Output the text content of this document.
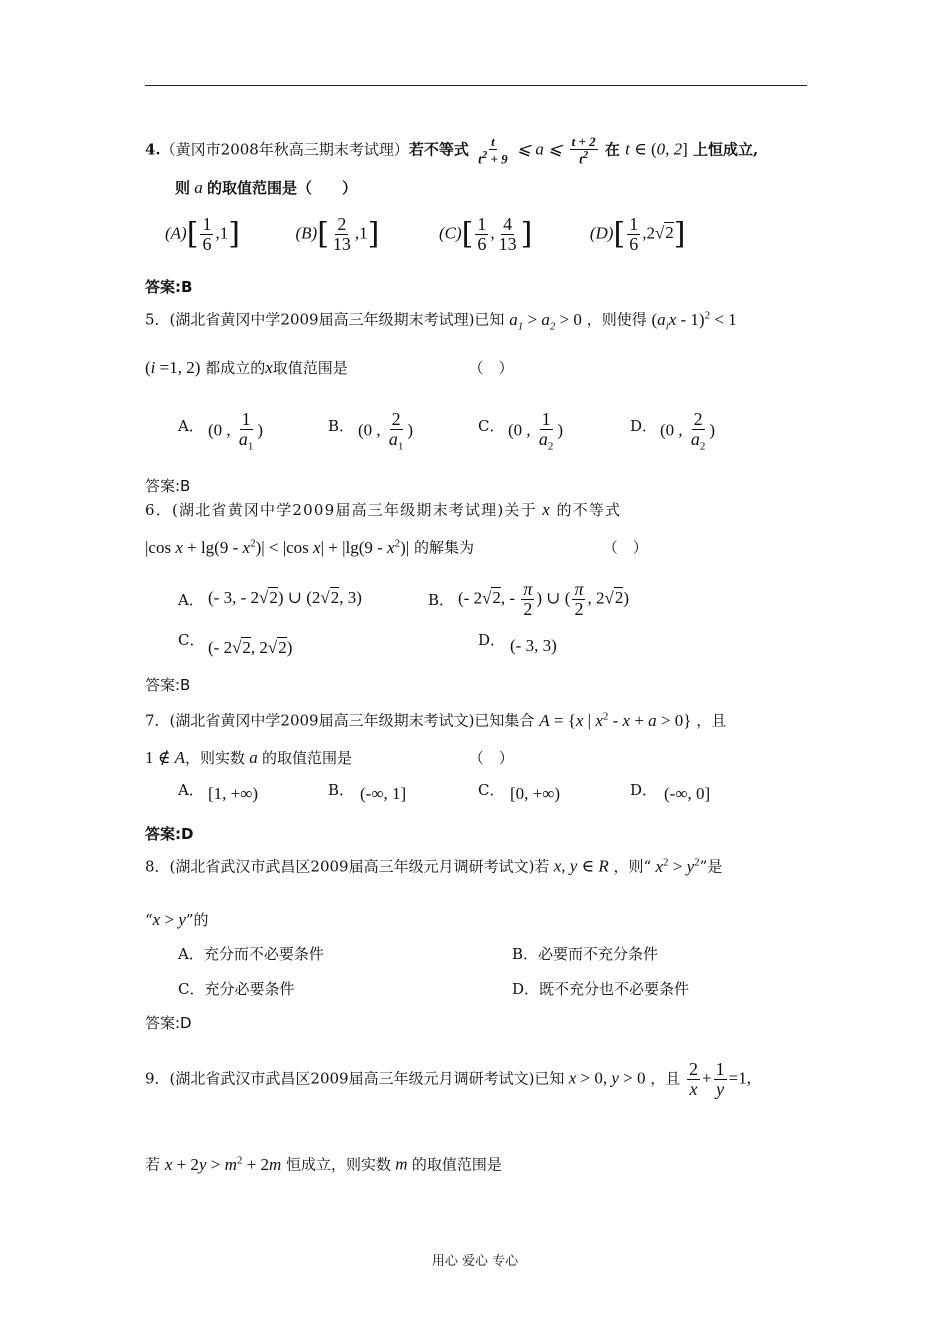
4.（黄冈市2008年秋高三期末考试理）若不等式 $\frac{t}{t^2 + 9}$ ⩽ a ⩽ $\frac{t + 2}{t^2}$ 在 t ∈ (0, 2] 上恒成立,
则 a 的取值范围是（　　）
$(A)[ \frac{1}{6} ,1]$	$(B)[ \frac{2}{13} ,1]$	$(C)[ \frac{1}{6}$ , $\frac{4}{13}$ ]	$(D)[ \frac{1}{6} ,2√2]$
答案:B
5．(湖北省黄冈中学2009届高三年级期末考试理)已知 $a_1 > a_2 > 0$ ，则使得 $(a_ix - 1)^2 < 1$
(i =1, 2) 都成立的x取值范围是	（　）
A． (0 , $\frac{1}{a_1}$ )	B． (0 , $\frac{2}{a_1}$ )	C． (0 , $\frac{1}{a_2}$ )	D． (0 , $\frac{2}{a_2}$ )
答案:B
6．(湖北省黄冈中学2009届高三年级期末考试理)关于 x 的不等式
|cos $x + \lg(9 - x^2)| < |\cos$ $x| + |\lg(9 - x^2)|$ 的解集为	（　）
A． (- 3, - 2√2) ∪ (2√2, 3)	B． (- 2√2, - $\frac{\pi}{2}$ ) ∪ ( $\frac{\pi}{2}$ , 2√2)
C． (- 2√2, 2√2)	D． (- 3, 3)
答案:B
7．(湖北省黄冈中学2009届高三年级期末考试文)已知集合 A = {x | $x^2 - x + a > 0$} ，且
1 ∉ A，则实数 a 的取值范围是	（　）
A． [1, +∞)	B． (-∞, 1]	C． [0, +∞)	D． (-∞, 0]
答案:D
8．(湖北省武汉市武昌区2009届高三年级元月调研考试文)若 x, y ∈ R ，则“ $x^2 > y^2$”是
“x > y”的
A．充分而不必要条件	B．必要而不充分条件
C．充分必要条件	D．既不充分也不必要条件
答案:D
9．(湖北省武汉市武昌区2009届高三年级元月调研考试文)已知 x > 0, y > 0 ，且 $\frac{2}{x} + \frac{1}{y} =1$,
若 $x + 2y > m^2 + 2m$ 恒成立，则实数 m 的取值范围是
用心 爱心 专心
